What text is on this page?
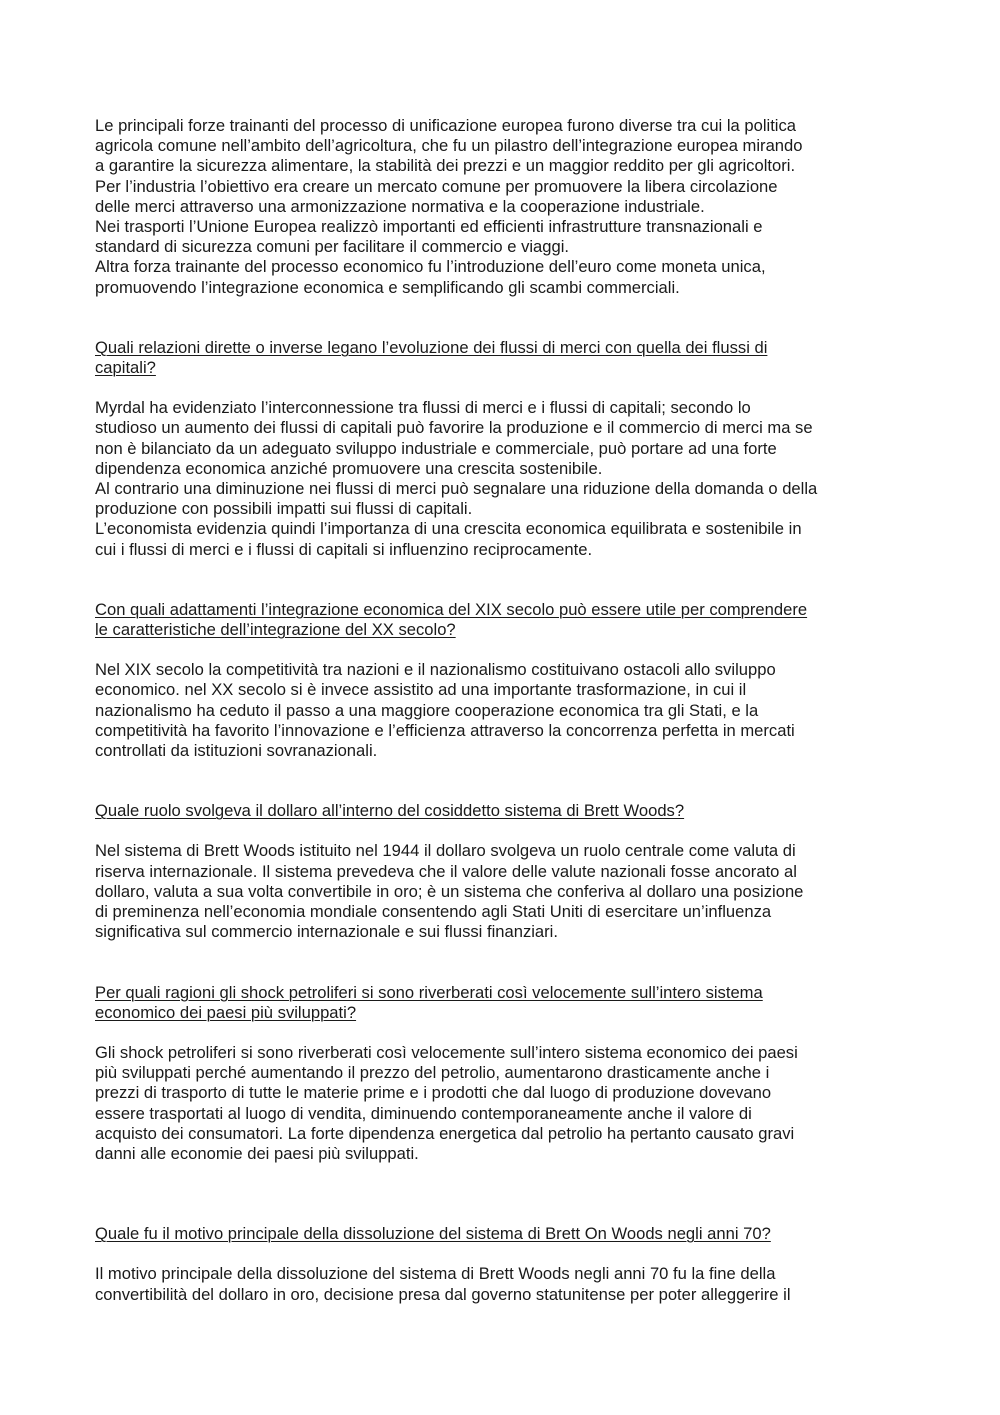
Le principali forze trainanti del processo di unificazione europea furono diverse tra cui la politica
agricola comune nell’ambito dell’agricoltura, che fu un pilastro dell’integrazione europea mirando
a garantire la sicurezza alimentare, la stabilità dei prezzi e un maggior reddito per gli agricoltori.
Per l’industria l’obiettivo era creare un mercato comune per promuovere la libera circolazione
delle merci attraverso una armonizzazione normativa e la cooperazione industriale.
Nei trasporti l’Unione Europea realizzò importanti ed efficienti infrastrutture transnazionali e
standard di sicurezza comuni per facilitare il commercio e viaggi.
Altra forza trainante del processo economico fu l’introduzione dell’euro come moneta unica,
promuovendo l’integrazione economica e semplificando gli scambi commerciali.
Quali relazioni dirette o inverse legano l’evoluzione dei flussi di merci con quella dei flussi di
capitali?
Myrdal ha evidenziato l’interconnessione tra flussi di merci e i flussi di capitali; secondo lo
studioso un aumento dei flussi di capitali può favorire la produzione e il commercio di merci ma se
non è bilanciato da un adeguato sviluppo industriale e commerciale, può portare ad una forte
dipendenza economica anziché promuovere una crescita sostenibile.
Al contrario una diminuzione nei flussi di merci può segnalare una riduzione della domanda o della
produzione con possibili impatti sui flussi di capitali.
L’economista evidenzia quindi l’importanza di una crescita economica equilibrata e sostenibile in
cui i flussi di merci e i flussi di capitali si influenzino reciprocamente.
Con quali adattamenti l’integrazione economica del XIX secolo può essere utile per comprendere
le caratteristiche dell’integrazione del XX secolo?
Nel XIX secolo la competitività tra nazioni e il nazionalismo costituivano ostacoli allo sviluppo
economico. nel XX secolo si è invece assistito ad una importante trasformazione, in cui il
nazionalismo ha ceduto il passo a una maggiore cooperazione economica tra gli Stati, e la
competitività ha favorito l’innovazione e l’efficienza attraverso la concorrenza perfetta in mercati
controllati da istituzioni sovranazionali.
Quale ruolo svolgeva il dollaro all’interno del cosiddetto sistema di Brett Woods?
Nel sistema di Brett Woods istituito nel 1944 il dollaro svolgeva un ruolo centrale come valuta di
riserva internazionale. Il sistema prevedeva che il valore delle valute nazionali fosse ancorato al
dollaro, valuta a sua volta convertibile in oro; è un sistema che conferiva al dollaro una posizione
di preminenza nell’economia mondiale consentendo agli Stati Uniti di esercitare un’influenza
significativa sul commercio internazionale e sui flussi finanziari.
Per quali ragioni gli shock petroliferi si sono riverberati così velocemente sull’intero sistema
economico dei paesi più sviluppati?
Gli shock petroliferi si sono riverberati così velocemente sull’intero sistema economico dei paesi
più sviluppati perché aumentando il prezzo del petrolio, aumentarono drasticamente anche i
prezzi di trasporto di tutte le materie prime e i prodotti che dal luogo di produzione dovevano
essere trasportati al luogo di vendita, diminuendo contemporaneamente anche il valore di
acquisto dei consumatori. La forte dipendenza energetica dal petrolio ha pertanto causato gravi
danni alle economie dei paesi più sviluppati.
Quale fu il motivo principale della dissoluzione del sistema di Brett On Woods negli anni 70?
Il motivo principale della dissoluzione del sistema di Brett Woods negli anni 70 fu la fine della
convertibilità del dollaro in oro, decisione presa dal governo statunitense per poter alleggerire il
